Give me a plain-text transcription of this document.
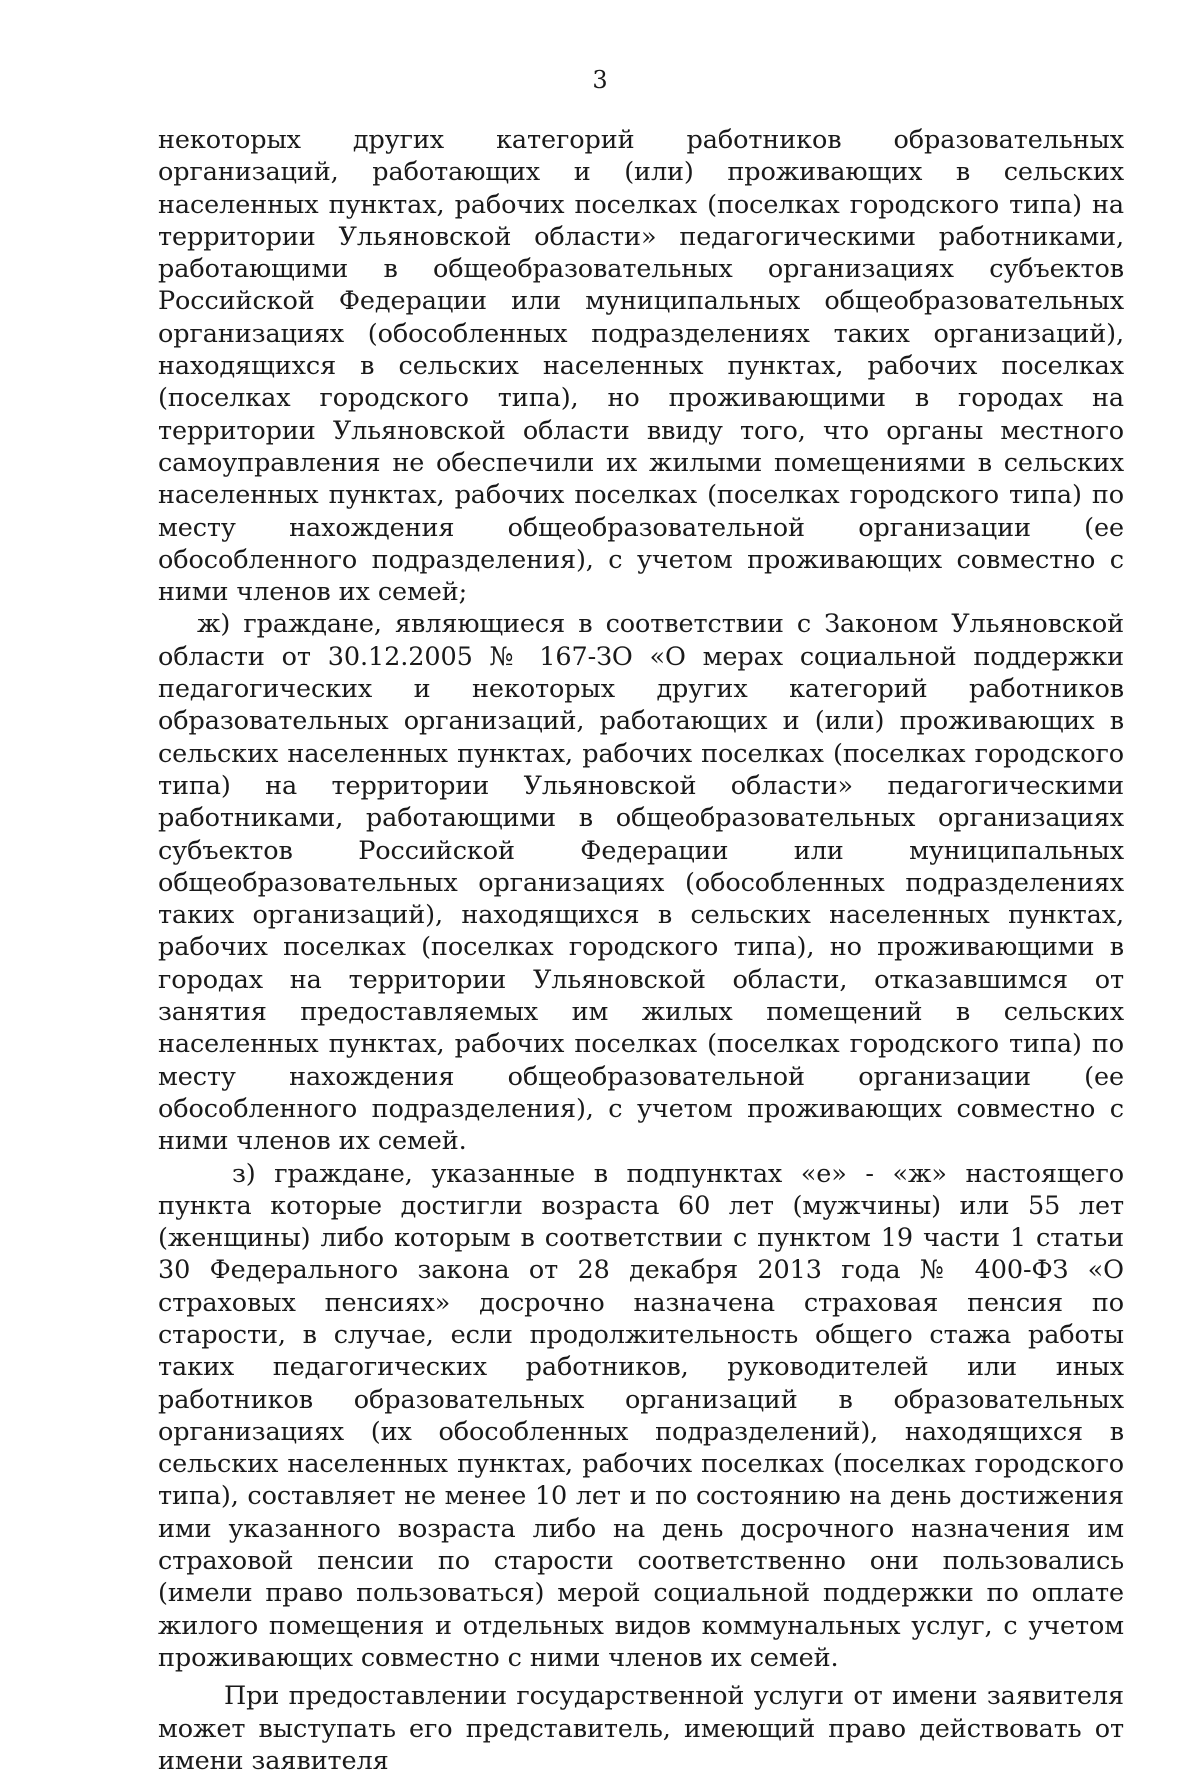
3

некоторых других категорий работников образовательных организаций, работающих и (или) проживающих в сельских населенных пунктах, рабочих поселках (поселках городского типа) на территории Ульяновской области» педагогическими работниками, работающими в общеобразовательных организациях субъектов Российской Федерации или муниципальных общеобразовательных организациях (обособленных подразделениях таких организаций), находящихся в сельских населенных пунктах, рабочих поселках (поселках городского типа), но проживающими в городах на территории Ульяновской области ввиду того, что органы местного самоуправления не обеспечили их жилыми помещениями в сельских населенных пунктах, рабочих поселках (поселках городского типа) по месту нахождения общеобразовательной организации (ее обособленного подразделения), с учетом проживающих совместно с ними членов их семей;

ж) граждане, являющиеся в соответствии с Законом Ульяновской области от 30.12.2005 № 167-ЗО «О мерах социальной поддержки педагогических и некоторых других категорий работников образовательных организаций, работающих и (или) проживающих в сельских населенных пунктах, рабочих поселках (поселках городского типа) на территории Ульяновской области» педагогическими работниками, работающими в общеобразовательных организациях субъектов Российской Федерации или муниципальных общеобразовательных организациях (обособленных подразделениях таких организаций), находящихся в сельских населенных пунктах, рабочих поселках (поселках городского типа), но проживающими в городах на территории Ульяновской области, отказавшимся от занятия предоставляемых им жилых помещений в сельских населенных пунктах, рабочих поселках (поселках городского типа) по месту нахождения общеобразовательной организации (ее обособленного подразделения), с учетом проживающих совместно с ними членов их семей.

з) граждане, указанные в подпунктах «е» - «ж» настоящего пункта которые достигли возраста 60 лет (мужчины) или 55 лет (женщины) либо которым в соответствии с пунктом 19 части 1 статьи 30 Федерального закона от 28 декабря 2013 года № 400-ФЗ «О страховых пенсиях» досрочно назначена страховая пенсия по старости, в случае, если продолжительность общего стажа работы таких педагогических работников, руководителей или иных работников образовательных организаций в образовательных организациях (их обособленных подразделений), находящихся в сельских населенных пунктах, рабочих поселках (поселках городского типа), составляет не менее 10 лет и по состоянию на день достижения ими указанного возраста либо на день досрочного назначения им страховой пенсии по старости соответственно они пользовались (имели право пользоваться) мерой социальной поддержки по оплате жилого помещения и отдельных видов коммунальных услуг, с учетом проживающих совместно с ними членов их семей.

При предоставлении государственной услуги от имени заявителя может выступать его представитель, имеющий право действовать от имени заявителя
